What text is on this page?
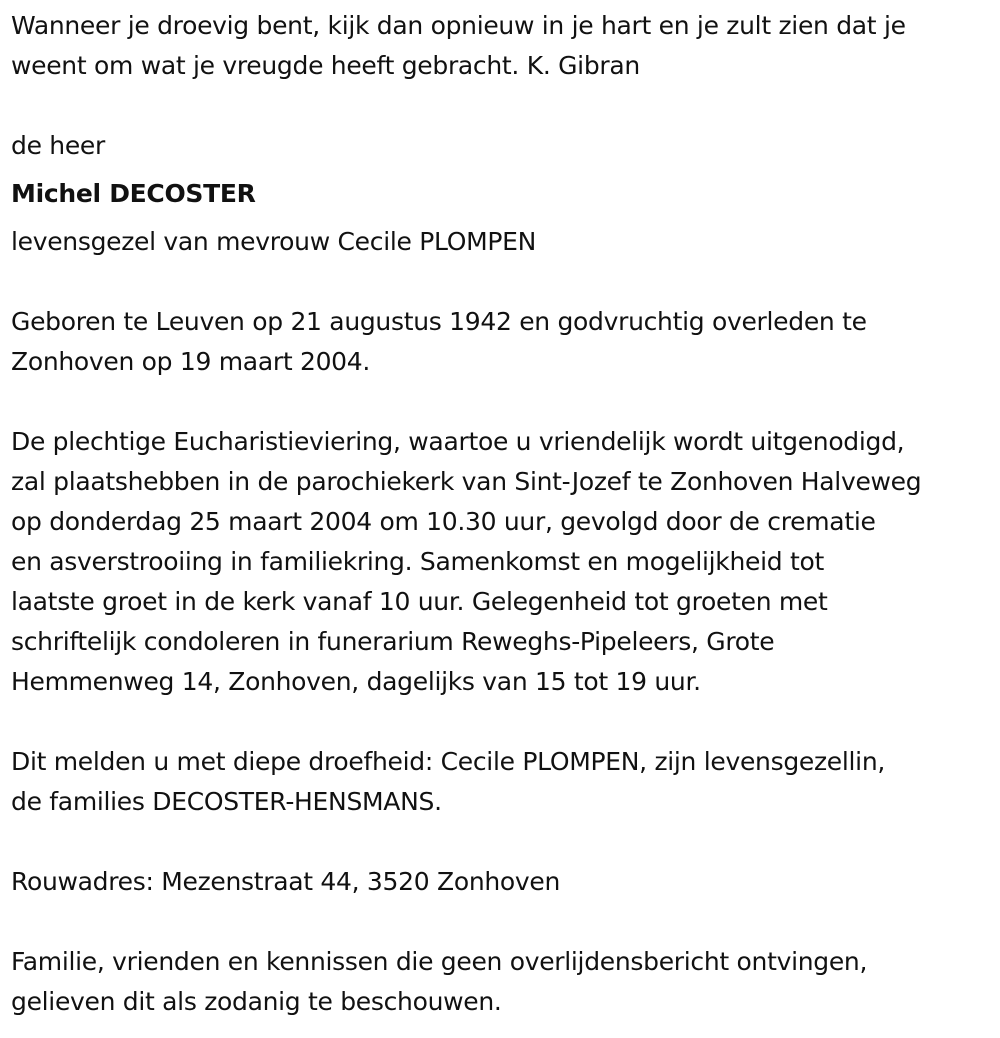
Wanneer je droevig bent, kijk dan opnieuw in je hart en je zult zien dat je
weent om wat je vreugde heeft gebracht. K. Gibran
de heer
Michel DECOSTER
levensgezel van mevrouw Cecile PLOMPEN
Geboren te Leuven op 21 augustus 1942 en godvruchtig overleden te
Zonhoven op 19 maart 2004.
De plechtige Eucharistieviering, waartoe u vriendelijk wordt uitgenodigd,
zal plaatshebben in de parochiekerk van Sint-Jozef te Zonhoven Halveweg
op donderdag 25 maart 2004 om 10.30 uur, gevolgd door de crematie
en asverstrooiing in familiekring. Samenkomst en mogelijkheid tot
laatste groet in de kerk vanaf 10 uur. Gelegenheid tot groeten met
schriftelijk condoleren in funerarium Reweghs-Pipeleers, Grote
Hemmenweg 14, Zonhoven, dagelijks van 15 tot 19 uur.
Dit melden u met diepe droefheid: Cecile PLOMPEN, zijn levensgezellin,
de families DECOSTER-HENSMANS.
Rouwadres: Mezenstraat 44, 3520 Zonhoven
Familie, vrienden en kennissen die geen overlijdensbericht ontvingen,
gelieven dit als zodanig te beschouwen.
